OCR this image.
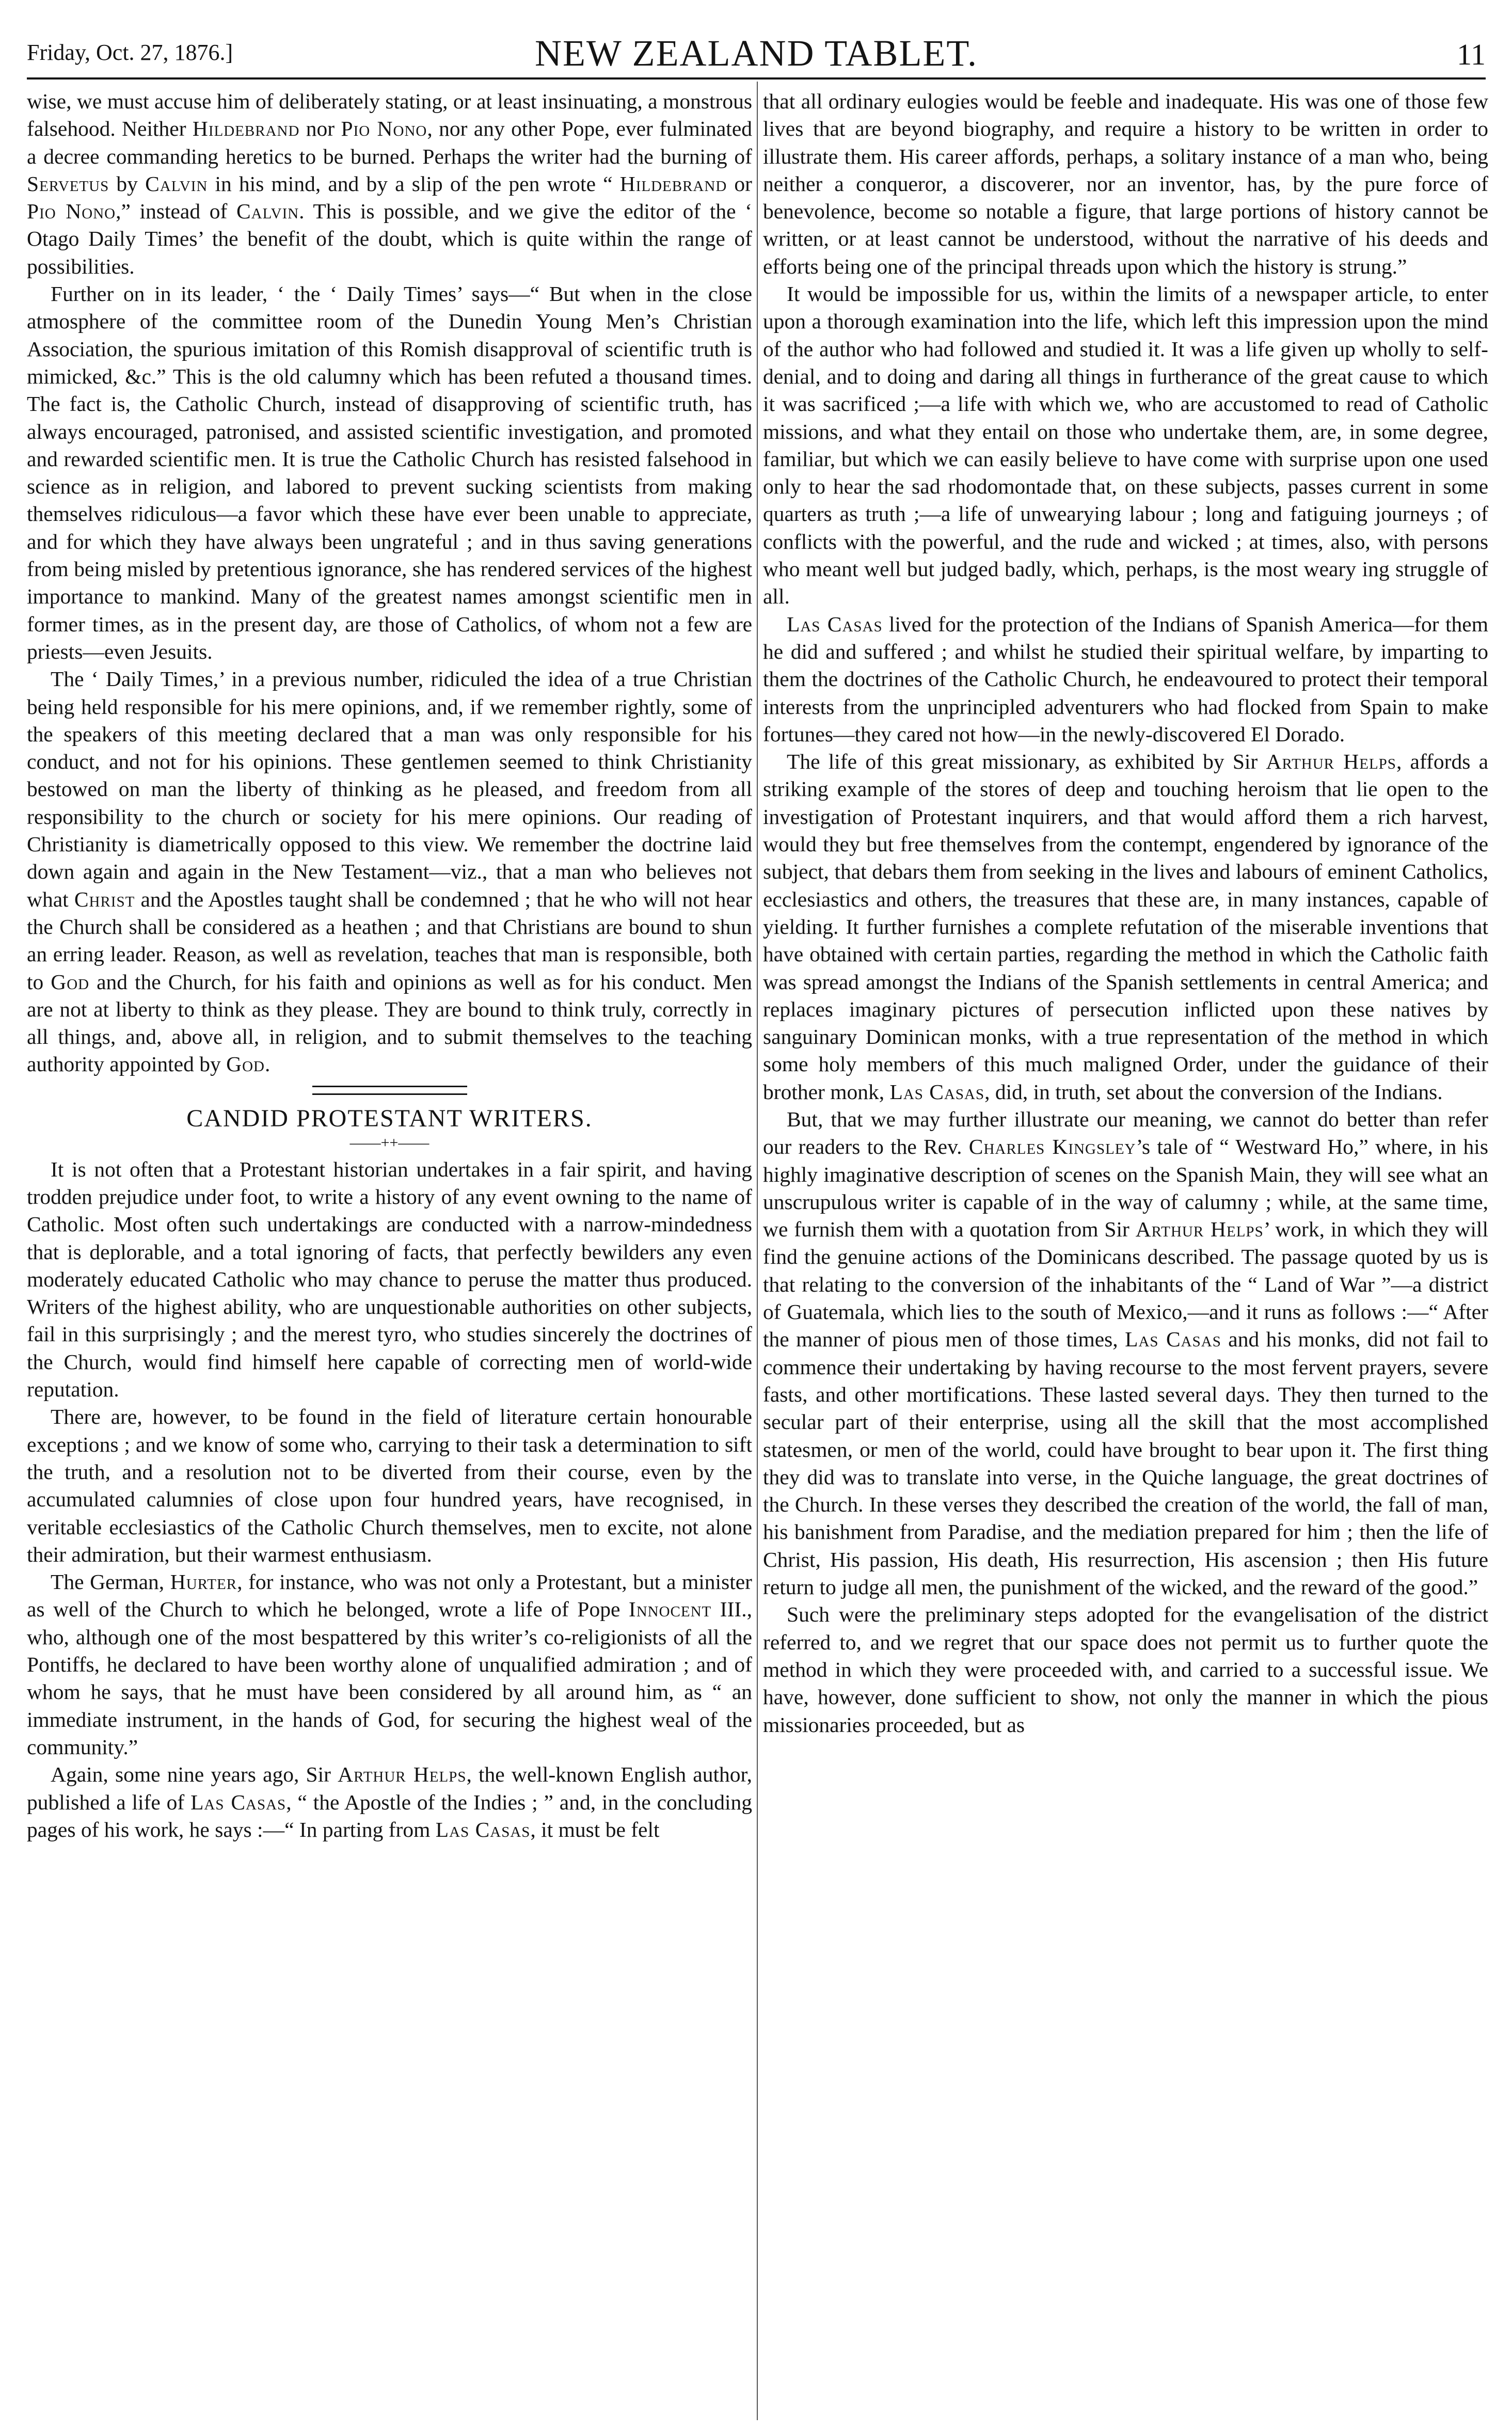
Friday, Oct. 27, 1876.]	NEW ZEALAND TABLET.	11

wise, we must accuse him of deliberately stating, or at least insinuating, a monstrous falsehood. Neither Hildebrand nor Pio Nono, nor any other Pope, ever fulminated a decree commanding heretics to be burned. Perhaps the writer had the burning of Servetus by Calvin in his mind, and by a slip of the pen wrote “ Hildebrand or Pio Nono,” instead of Calvin. This is possible, and we give the editor of the ‘ Otago Daily Times’ the benefit of the doubt, which is quite within the range of possibilities.

Further on in its leader, ‘ the ‘ Daily Times’ says—“ But when in the close atmosphere of the committee room of the Dunedin Young Men’s Christian Association, the spurious imitation of this Romish disapproval of scientific truth is mimicked, &c.” This is the old calumny which has been refuted a thousand times. The fact is, the Catholic Church, instead of disapproving of scientific truth, has always encouraged, patronised, and assisted scientific investigation, and promoted and rewarded scientific men. It is true the Catholic Church has resisted falsehood in science as in religion, and labored to prevent sucking scientists from making themselves ridiculous—a favor which these have ever been unable to appreciate, and for which they have always been ungrateful ; and in thus saving generations from being misled by pretentious ignorance, she has rendered services of the highest importance to mankind. Many of the greatest names amongst scientific men in former times, as in the present day, are those of Catholics, of whom not a few are priests—even Jesuits.

The ‘ Daily Times,’ in a previous number, ridiculed the idea of a true Christian being held responsible for his mere opinions, and, if we remember rightly, some of the speakers of this meeting declared that a man was only responsible for his conduct, and not for his opinions. These gentlemen seemed to think Christianity bestowed on man the liberty of thinking as he pleased, and freedom from all responsibility to the church or society for his mere opinions. Our reading of Christianity is diametrically opposed to this view. We remember the doctrine laid down again and again in the New Testament—viz., that a man who believes not what Christ and the Apostles taught shall be condemned ; that he who will not hear the Church shall be considered as a heathen ; and that Christians are bound to shun an erring leader. Reason, as well as revelation, teaches that man is responsible, both to God and the Church, for his faith and opinions as well as for his conduct. Men are not at liberty to think as they please. They are bound to think truly, correctly in all things, and, above all, in religion, and to submit themselves to the teaching authority appointed by God.

CANDID PROTESTANT WRITERS.
——++——

It is not often that a Protestant historian undertakes in a fair spirit, and having trodden prejudice under foot, to write a history of any event owning to the name of Catholic. Most often such undertakings are conducted with a narrow-mindedness that is deplorable, and a total ignoring of facts, that perfectly bewilders any even moderately educated Catholic who may chance to peruse the matter thus produced. Writers of the highest ability, who are unquestionable authorities on other subjects, fail in this surprisingly ; and the merest tyro, who studies sincerely the doctrines of the Church, would find himself here capable of correcting men of world-wide reputation.

There are, however, to be found in the field of literature certain honourable exceptions ; and we know of some who, carrying to their task a determination to sift the truth, and a resolution not to be diverted from their course, even by the accumulated calumnies of close upon four hundred years, have recognised, in veritable ecclesiastics of the Catholic Church themselves, men to excite, not alone their admiration, but their warmest enthusiasm.

The German, Hurter, for instance, who was not only a Protestant, but a minister as well of the Church to which he belonged, wrote a life of Pope Innocent III., who, although one of the most bespattered by this writer’s co-religionists of all the Pontiffs, he declared to have been worthy alone of unqualified admiration ; and of whom he says, that he must have been considered by all around him, as “ an immediate instrument, in the hands of God, for securing the highest weal of the community.”

Again, some nine years ago, Sir Arthur Helps, the well-known English author, published a life of Las Casas, “ the Apostle of the Indies ; ” and, in the concluding pages of his work, he says :—“ In parting from Las Casas, it must be felt

that all ordinary eulogies would be feeble and inadequate. His was one of those few lives that are beyond biography, and require a history to be written in order to illustrate them. His career affords, perhaps, a solitary instance of a man who, being neither a conqueror, a discoverer, nor an inventor, has, by the pure force of benevolence, become so notable a figure, that large portions of history cannot be written, or at least cannot be understood, without the narrative of his deeds and efforts being one of the principal threads upon which the history is strung.”

It would be impossible for us, within the limits of a newspaper article, to enter upon a thorough examination into the life, which left this impression upon the mind of the author who had followed and studied it. It was a life given up wholly to self-denial, and to doing and daring all things in furtherance of the great cause to which it was sacrificed ;—a life with which we, who are accustomed to read of Catholic missions, and what they entail on those who undertake them, are, in some degree, familiar, but which we can easily believe to have come with surprise upon one used only to hear the sad rhodomontade that, on these subjects, passes current in some quarters as truth ;—a life of unwearying labour ; long and fatiguing journeys ; of conflicts with the powerful, and the rude and wicked ; at times, also, with persons who meant well but judged badly, which, perhaps, is the most weary ing struggle of all.

Las Casas lived for the protection of the Indians of Spanish America—for them he did and suffered ; and whilst he studied their spiritual welfare, by imparting to them the doctrines of the Catholic Church, he endeavoured to protect their temporal interests from the unprincipled adventurers who had flocked from Spain to make fortunes—they cared not how—in the newly-discovered El Dorado.

The life of this great missionary, as exhibited by Sir Arthur Helps, affords a striking example of the stores of deep and touching heroism that lie open to the investigation of Protestant inquirers, and that would afford them a rich harvest, would they but free themselves from the contempt, engendered by ignorance of the subject, that debars them from seeking in the lives and labours of eminent Catholics, ecclesiastics and others, the treasures that these are, in many instances, capable of yielding. It further furnishes a complete refutation of the miserable inventions that have obtained with certain parties, regarding the method in which the Catholic faith was spread amongst the Indians of the Spanish settlements in central America; and replaces imaginary pictures of persecution inflicted upon these natives by sanguinary Dominican monks, with a true representation of the method in which some holy members of this much maligned Order, under the guidance of their brother monk, Las Casas, did, in truth, set about the conversion of the Indians.

But, that we may further illustrate our meaning, we cannot do better than refer our readers to the Rev. Charles Kingsley’s tale of “ Westward Ho,” where, in his highly imaginative description of scenes on the Spanish Main, they will see what an unscrupulous writer is capable of in the way of calumny ; while, at the same time, we furnish them with a quotation from Sir Arthur Helps’ work, in which they will find the genuine actions of the Dominicans described. The passage quoted by us is that relating to the conversion of the inhabitants of the “ Land of War ”—a district of Guatemala, which lies to the south of Mexico,—and it runs as follows :—“ After the manner of pious men of those times, Las Casas and his monks, did not fail to commence their undertaking by having recourse to the most fervent prayers, severe fasts, and other mortifications. These lasted several days. They then turned to the secular part of their enterprise, using all the skill that the most accomplished statesmen, or men of the world, could have brought to bear upon it. The first thing they did was to translate into verse, in the Quiche language, the great doctrines of the Church. In these verses they described the creation of the world, the fall of man, his banishment from Paradise, and the mediation prepared for him ; then the life of Christ, His passion, His death, His resurrection, His ascension ; then His future return to judge all men, the punishment of the wicked, and the reward of the good.”

Such were the preliminary steps adopted for the evangelisation of the district referred to, and we regret that our space does not permit us to further quote the method in which they were proceeded with, and carried to a successful issue. We have, however, done sufficient to show, not only the manner in which the pious missionaries proceeded, but as
